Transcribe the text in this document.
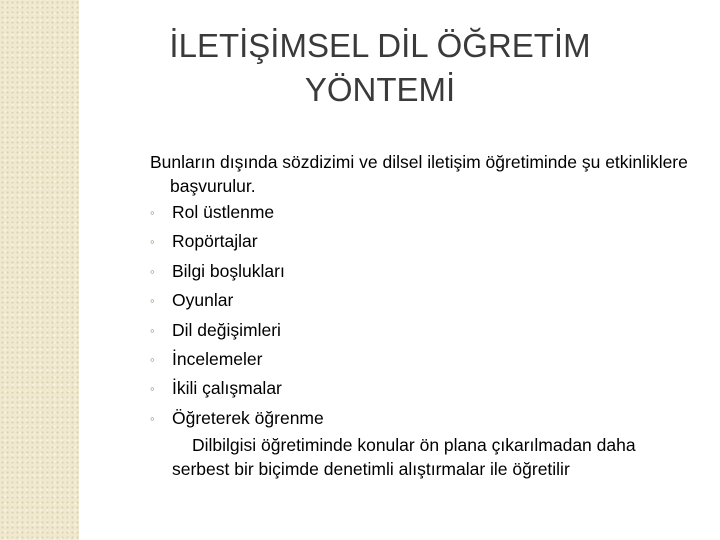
İLETİŞİMSEL DİL ÖĞRETİM
YÖNTEMİ

Bunların dışında sözdizimi ve dilsel iletişim öğretiminde şu etkinliklere başvurulur.

◦ Rol üstlenme
◦ Ropörtajlar
◦ Bilgi boşlukları
◦ Oyunlar
◦ Dil değişimleri
◦ İncelemeler
◦ İkili çalışmalar
◦ Öğreterek öğrenme

Dilbilgisi öğretiminde konular ön plana çıkarılmadan daha serbest bir biçimde denetimli alıştırmalar ile öğretilir
